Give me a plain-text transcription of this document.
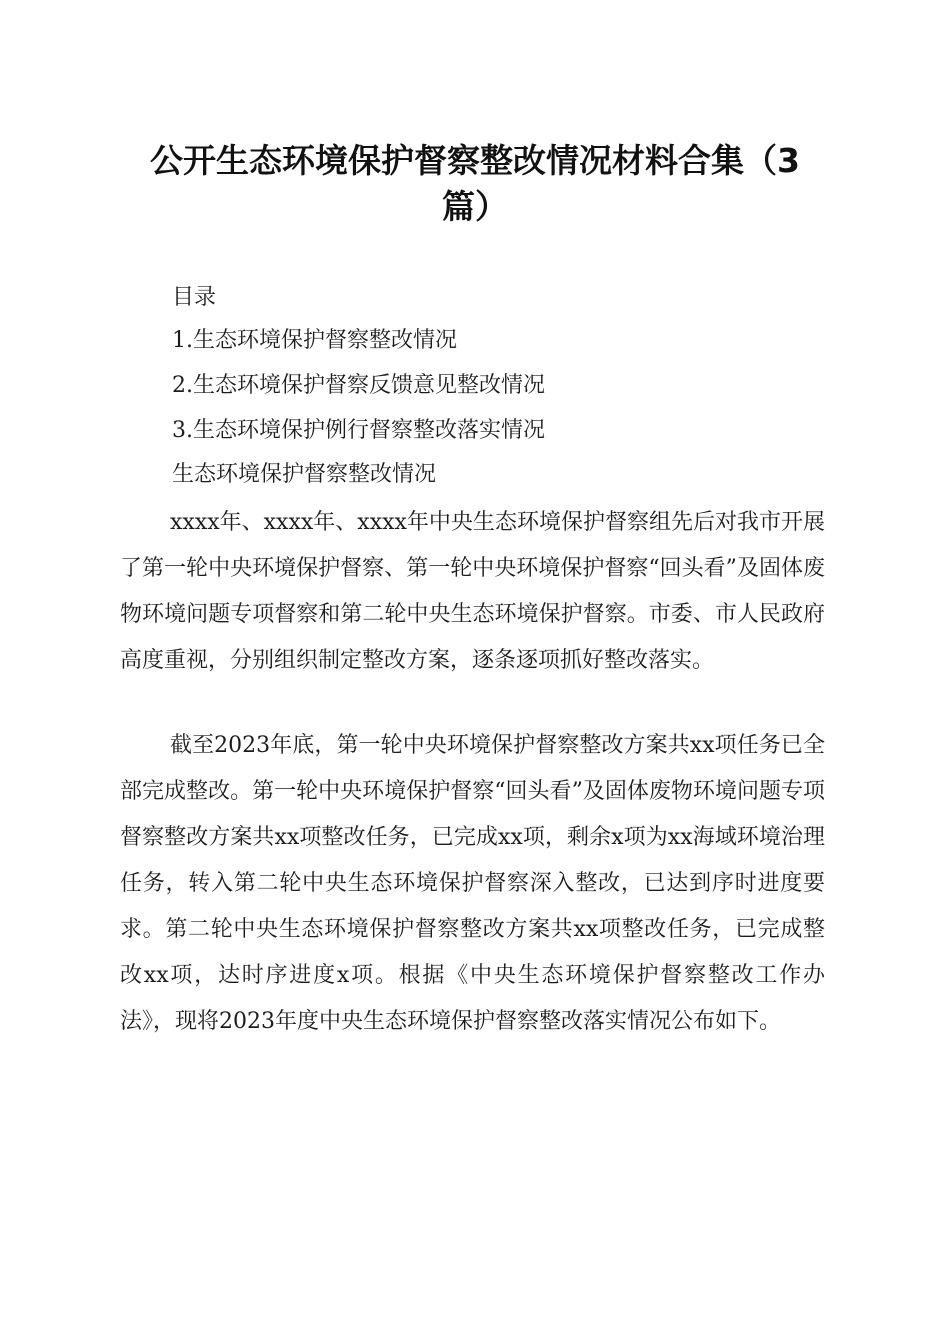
公开生态环境保护督察整改情况材料合集（3
篇）
目录
1.生态环境保护督察整改情况
2.生态环境保护督察反馈意见整改情况
3.生态环境保护例行督察整改落实情况
生态环境保护督察整改情况

xxxx年、xxxx年、xxxx年中央生态环境保护督察组先后对我市开展了第一轮中央环境保护督察、第一轮中央环境保护督察“回头看”及固体废物环境问题专项督察和第二轮中央生态环境保护督察。市委、市人民政府高度重视，分别组织制定整改方案，逐条逐项抓好整改落实。

截至2023年底，第一轮中央环境保护督察整改方案共xx项任务已全部完成整改。第一轮中央环境保护督察“回头看”及固体废物环境问题专项督察整改方案共xx项整改任务，已完成xx项，剩余x项为xx海域环境治理任务，转入第二轮中央生态环境保护督察深入整改，已达到序时进度要求。第二轮中央生态环境保护督察整改方案共xx项整改任务，已完成整改xx项，达时序进度x项。根据《中央生态环境保护督察整改工作办法》，现将2023年度中央生态环境保护督察整改落实情况公布如下。
